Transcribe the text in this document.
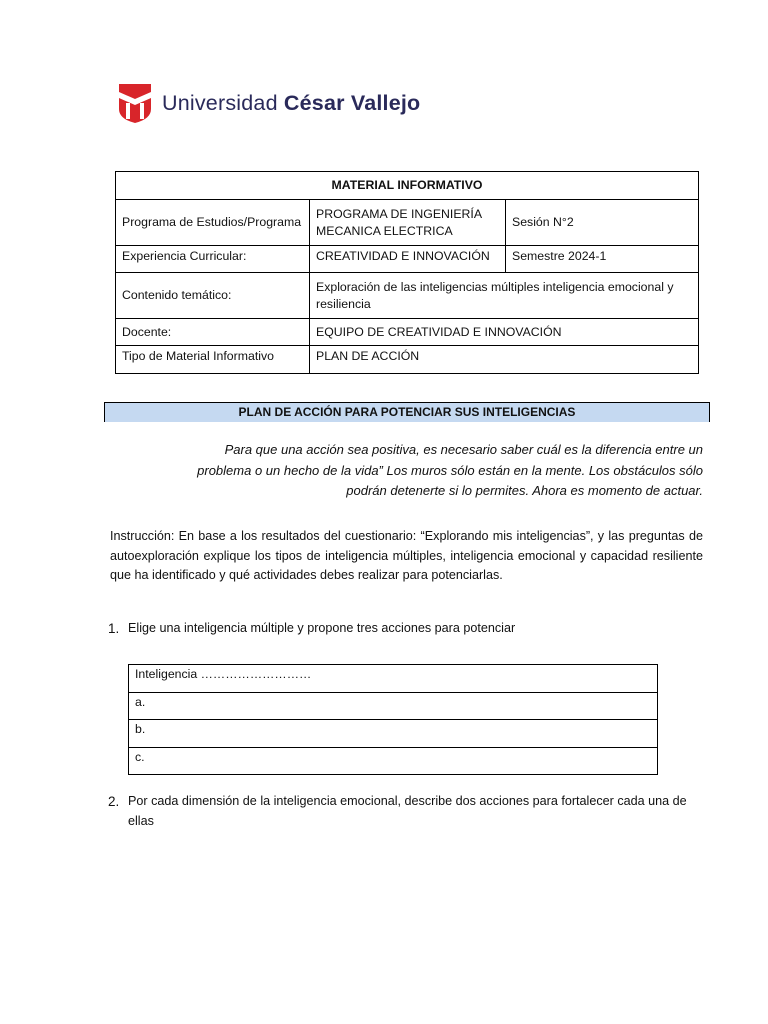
Universidad César Vallejo
MATERIAL INFORMATIVO		
Programa de Estudios/Programa	PROGRAMA DE INGENIERÍA MECANICA ELECTRICA	Sesión N°2
Experiencia Curricular:	CREATIVIDAD E INNOVACIÓN	Semestre 2024-1
Contenido temático:	Exploración de las inteligencias múltiples inteligencia emocional y resiliencia	
Docente:	EQUIPO DE CREATIVIDAD E INNOVACIÓN	
Tipo de Material Informativo	PLAN DE ACCIÓN	
PLAN DE ACCIÓN PARA POTENCIAR SUS INTELIGENCIAS
Para que una acción sea positiva, es necesario saber cuál es la diferencia entre un problema o un hecho de la vida” Los muros sólo están en la mente. Los obstáculos sólo podrán detenerte si lo permites. Ahora es momento de actuar.
Instrucción: En base a los resultados del cuestionario: “Explorando mis inteligencias”, y las preguntas de autoexploración explique los tipos de inteligencia múltiples, inteligencia emocional y capacidad resiliente que ha identificado y qué actividades debes realizar para potenciarlas.
1. Elige una inteligencia múltiple y propone tres acciones para potenciar
Inteligencia ………………………
a.
b.
c.
2. Por cada dimensión de la inteligencia emocional, describe dos acciones para fortalecer cada una de ellas
